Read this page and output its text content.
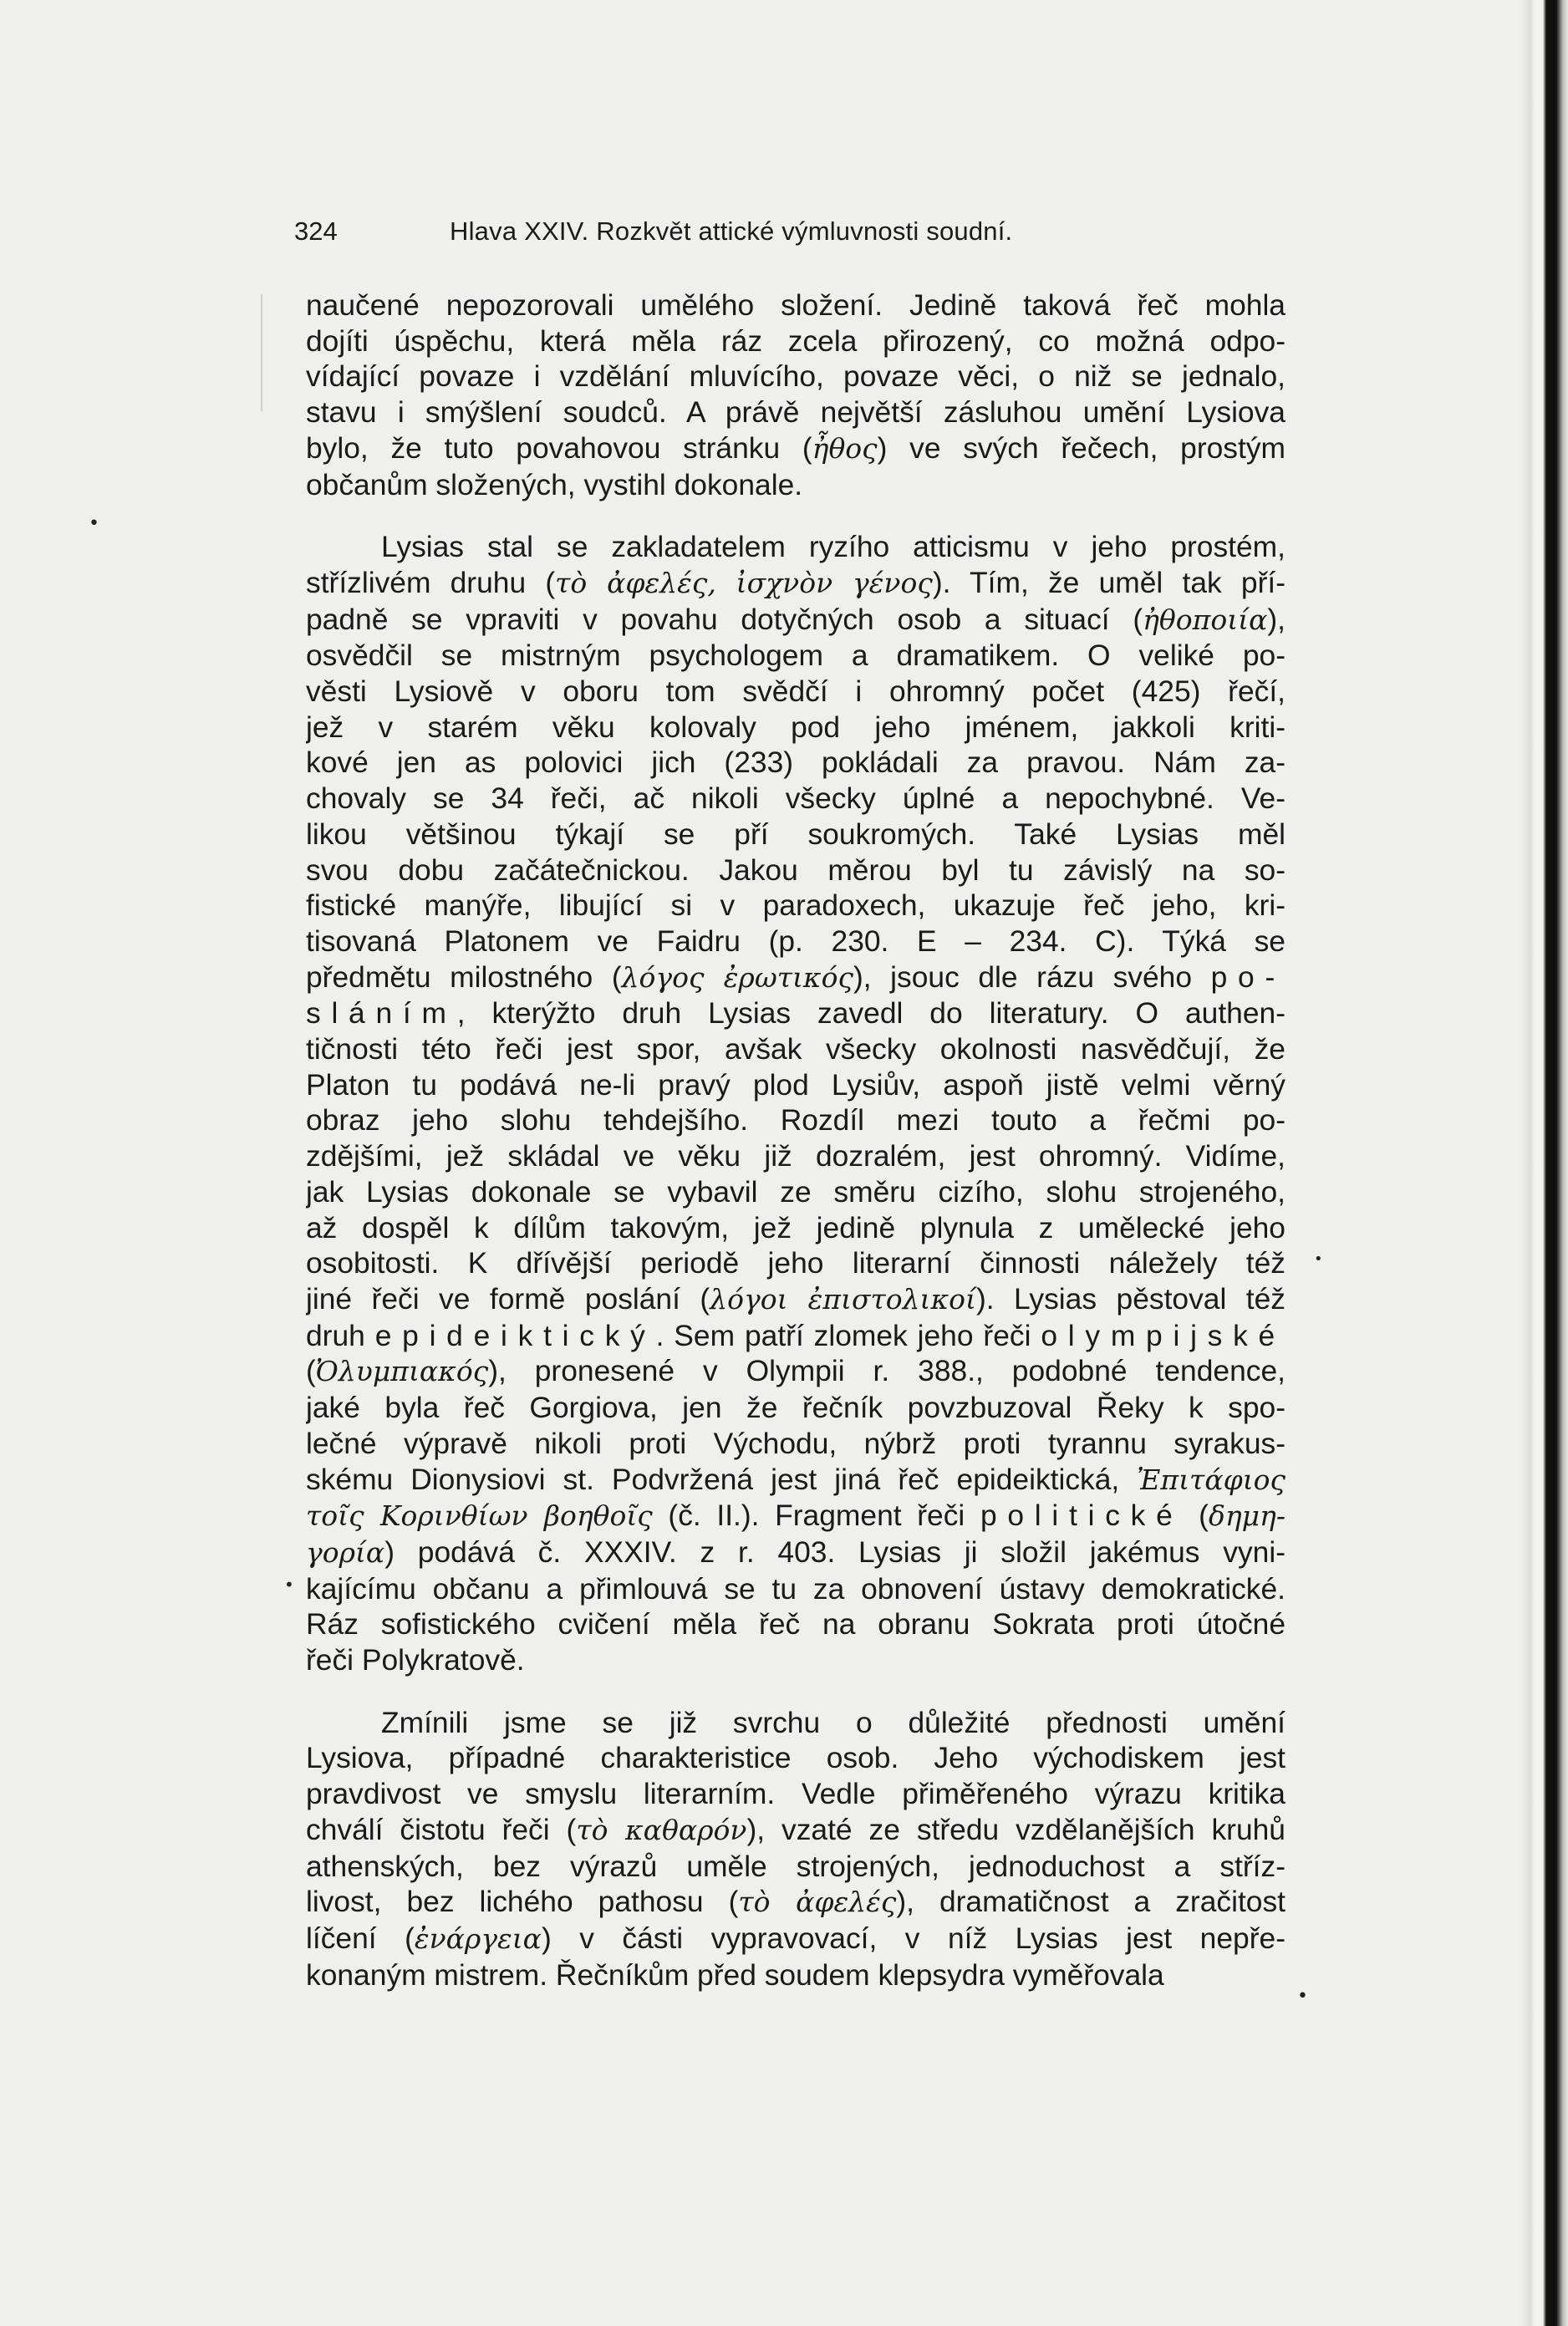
324	Hlava XXIV. Rozkvět attické výmluvnosti soudní.
naučené nepozorovali umělého složení. Jedině taková řeč mohla
dojíti úspěchu, která měla ráz zcela přirozený, co možná odpo-
vídající povaze i vzdělání mluvícího, povaze věci, o niž se jednalo,
stavu i smýšlení soudců. A právě největší zásluhou umění Lysiova
bylo, že tuto povahovou stránku (ἦθος) ve svých řečech, prostým
občanům složených, vystihl dokonale.
Lysias stal se zakladatelem ryzího atticismu v jeho prostém,
střízlivém druhu (τὸ ἀφελές, ἰσχνὸν γένος). Tím, že uměl tak pří-
padně se vpraviti v povahu dotyčných osob a situací (ἠθοποιία),
osvědčil se mistrným psychologem a dramatikem. O veliké po-
věsti Lysiově v oboru tom svědčí i ohromný počet (425) řečí,
jež v starém věku kolovaly pod jeho jménem, jakkoli kriti-
kové jen as polovici jich (233) pokládali za pravou. Nám za-
chovaly se 34 řeči, ač nikoli všecky úplné a nepochybné. Ve-
likou většinou týkají se pří soukromých. Také Lysias měl
svou dobu začátečnickou. Jakou měrou byl tu závislý na so-
fistické manýře, libující si v paradoxech, ukazuje řeč jeho, kri-
tisovaná Platonem ve Faidru (p. 230. E – 234. C). Týká se
předmětu milostného (λόγος ἐρωτικός), jsouc dle rázu svého po-
sláním, kterýžto druh Lysias zavedl do literatury. O authen-
tičnosti této řeči jest spor, avšak všecky okolnosti nasvědčují, že
Platon tu podává ne-li pravý plod Lysiův, aspoň jistě velmi věrný
obraz jeho slohu tehdejšího. Rozdíl mezi touto a řečmi po-
zdějšími, jež skládal ve věku již dozralém, jest ohromný. Vidíme,
jak Lysias dokonale se vybavil ze směru cizího, slohu strojeného,
až dospěl k dílům takovým, jež jedině plynula z umělecké jeho
osobitosti. K dřívější periodě jeho literarní činnosti náležely též
jiné řeči ve formě poslání (λόγοι ἐπιστολικοί). Lysias pěstoval též
druh epideiktický. Sem patří zlomek jeho řeči olympijské
(Ὀλυμπιακός), pronesené v Olympii r. 388., podobné tendence,
jaké byla řeč Gorgiova, jen že řečník povzbuzoval Řeky k spo-
lečné výpravě nikoli proti Východu, nýbrž proti tyrannu syrakus-
skému Dionysiovi st. Podvržená jest jiná řeč epideiktická, Ἐπιτάφιος
τοῖς Κορινθίων βοηθοῖς (č. II.). Fragment řeči politické (δημη-
γορία) podává č. XXXIV. z r. 403. Lysias ji složil jakémus vyni-
kajícímu občanu a přimlouvá se tu za obnovení ústavy demokratické.
Ráz sofistického cvičení měla řeč na obranu Sokrata proti útočné
řeči Polykratově.
Zmínili jsme se již svrchu o důležité přednosti umění
Lysiova, případné charakteristice osob. Jeho východiskem jest
pravdivost ve smyslu literarním. Vedle přiměřeného výrazu kritika
chválí čistotu řeči (τὸ καθαρόν), vzaté ze středu vzdělanějších kruhů
athenských, bez výrazů uměle strojených, jednoduchost a stříz-
livost, bez lichého pathosu (τὸ ἀφελές), dramatičnost a zračitost
líčení (ἐνάργεια) v části vypravovací, v níž Lysias jest nepře-
konaným mistrem. Řečníkům před soudem klepsydra vyměřovala
•
•
•
•
